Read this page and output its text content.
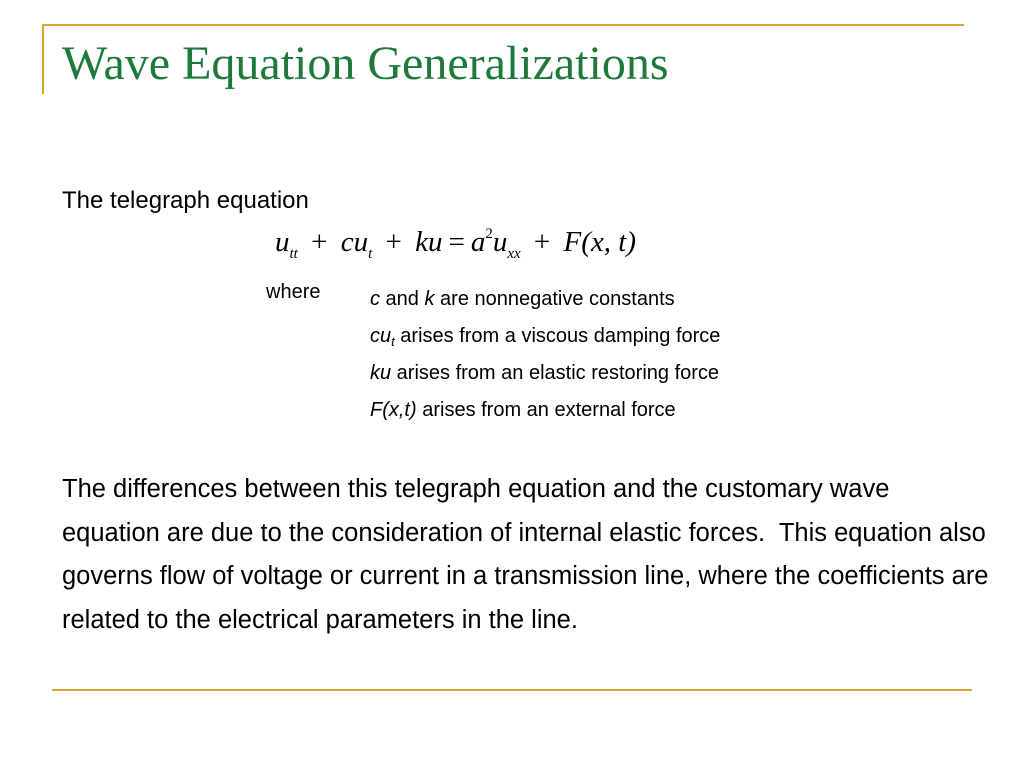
Wave Equation Generalizations
The telegraph equation
$u_{tt} + cu_t$ + ku = $a^2u_{xx} + F(x$, t)
where c and k are nonnegative constants
$cu_t$ arises from a viscous damping force
ku arises from an elastic restoring force
F(x,t) arises from an external force

The differences between this telegraph equation and the customary wave equation are due to the consideration of internal elastic forces.  This equation also governs flow of voltage or current in a transmission line, where the coefficients are related to the electrical parameters in the line.
